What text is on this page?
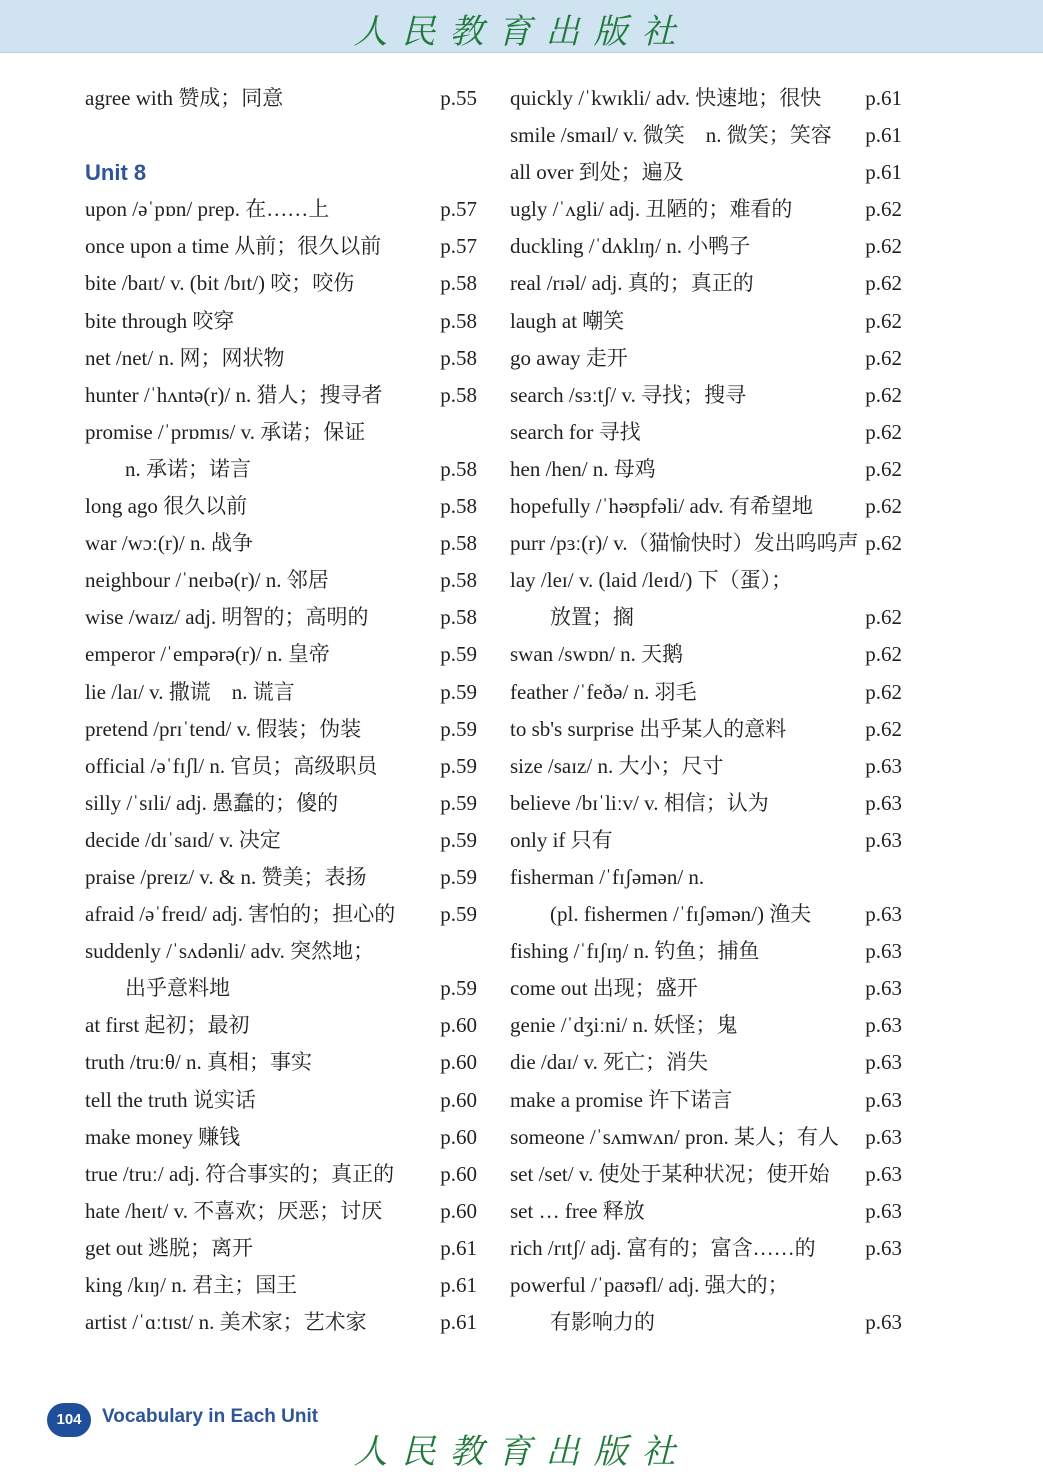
人民教育出版社
agree with 赞成；同意	p.55
Unit 8
upon /əˈpɒn/ prep. 在……上	p.57
once upon a time 从前；很久以前	p.57
bite /baɪt/ v. (bit /bɪt/) 咬；咬伤	p.58
bite through 咬穿	p.58
net /net/ n. 网；网状物	p.58
hunter /ˈhʌntə(r)/ n. 猎人；搜寻者	p.58
promise /ˈprɒmɪs/ v. 承诺；保证
n. 承诺；诺言	p.58
long ago 很久以前	p.58
war /wɔː(r)/ n. 战争	p.58
neighbour /ˈneɪbə(r)/ n. 邻居	p.58
wise /waɪz/ adj. 明智的；高明的	p.58
emperor /ˈempərə(r)/ n. 皇帝	p.59
lie /laɪ/ v. 撒谎　n. 谎言	p.59
pretend /prɪˈtend/ v. 假装；伪装	p.59
official /əˈfɪʃl/ n. 官员；高级职员	p.59
silly /ˈsɪli/ adj. 愚蠢的；傻的	p.59
decide /dɪˈsaɪd/ v. 决定	p.59
praise /preɪz/ v. & n. 赞美；表扬	p.59
afraid /əˈfreɪd/ adj. 害怕的；担心的 p.59
suddenly /ˈsʌdənli/ adv. 突然地；
出乎意料地	p.59
at first 起初；最初	p.60
truth /truːθ/ n. 真相；事实	p.60
tell the truth 说实话	p.60
make money 赚钱	p.60
true /truː/ adj. 符合事实的；真正的 p.60
hate /heɪt/ v. 不喜欢；厌恶；讨厌	p.60
get out 逃脱；离开	p.61
king /kɪŋ/ n. 君主；国王	p.61
artist /ˈɑːtɪst/ n. 美术家；艺术家	p.61
quickly /ˈkwɪkli/ adv. 快速地；很快 p.61
smile /smaɪl/ v. 微笑　n. 微笑；笑容 p.61
all over 到处；遍及	p.61
ugly /ˈʌgli/ adj. 丑陋的；难看的	p.62
duckling /ˈdʌklɪŋ/ n. 小鸭子	p.62
real /rɪəl/ adj. 真的；真正的	p.62
laugh at 嘲笑	p.62
go away 走开	p.62
search /sɜːtʃ/ v. 寻找；搜寻	p.62
search for 寻找	p.62
hen /hen/ n. 母鸡	p.62
hopefully /ˈhəʊpfəli/ adv. 有希望地 p.62
purr /pɜː(r)/ v.（猫愉快时）发出呜呜声 p.62
lay /leɪ/ v. (laid /leɪd/) 下（蛋）；
放置；搁	p.62
swan /swɒn/ n. 天鹅	p.62
feather /ˈfeðə/ n. 羽毛	p.62
to sb's surprise 出乎某人的意料	p.62
size /saɪz/ n. 大小；尺寸	p.63
believe /bɪˈliːv/ v. 相信；认为	p.63
only if 只有	p.63
fisherman /ˈfɪʃəmən/ n.
(pl. fishermen /ˈfɪʃəmən/) 渔夫	p.63
fishing /ˈfɪʃɪŋ/ n. 钓鱼；捕鱼	p.63
come out 出现；盛开	p.63
genie /ˈdʒiːni/ n. 妖怪；鬼	p.63
die /daɪ/ v. 死亡；消失	p.63
make a promise 许下诺言	p.63
someone /ˈsʌmwʌn/ pron. 某人；有人 p.63
set /set/ v. 使处于某种状况；使开始 p.63
set … free 释放	p.63
rich /rɪtʃ/ adj. 富有的；富含……的 p.63
powerful /ˈpaʊəfl/ adj. 强大的；
有影响力的	p.63
104	Vocabulary in Each Unit
人民教育出版社
